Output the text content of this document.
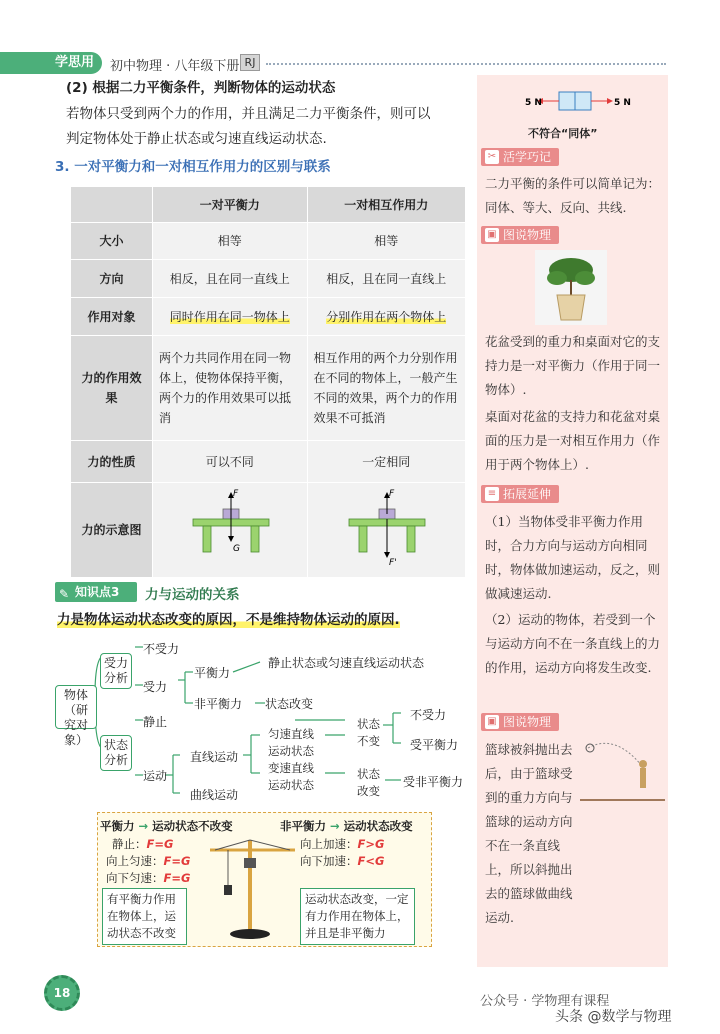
学思用	初中物理 · 八年级下册 RJ
(2) 根据二力平衡条件，判断物体的运动状态
若物体只受到两个力的作用，并且满足二力平衡条件，则可以
判定物体处于静止状态或匀速直线运动状态.
3. 一对平衡力和一对相互作用力的区别与联系
	一对平衡力	一对相互作用力
大小	相等	相等
方向	相反，且在同一直线上	相反，且在同一直线上
作用对象	同时作用在同一物体上	分别作用在两个物体上
力的作用效果	两个力共同作用在同一物体上，使物体保持平衡，两个力的作用效果可以抵消	相互作用的两个力分别作用在不同的物体上，一般产生不同的效果，两个力的作用效果不可抵消
力的性质	可以不同	一定相同
力的示意图	F
G	F
F'
✎ 知识点3	力与运动的关系
力是物体运动状态改变的原因，不是维持物体运动的原因.
物体（研究对象）
受力分析
不受力
受力
平衡力
非平衡力
静止状态或匀速直线运动状态
状态改变
状态分析
静止
运动
直线运动
曲线运动
匀速直线运动状态
变速直线运动状态
状态不变
状态改变
不受力
受平衡力
受非平衡力
平衡力 → 运动状态不改变
静止：F=G
向上匀速：F=G
向下匀速：F=G
有平衡力作用在物体上，运动状态不改变
非平衡力 → 运动状态改变
向上加速：F>G
向下加速：F<G
运动状态改变，一定有力作用在物体上，并且是非平衡力
5 N	5 N
不符合“同体”
✂ 活学巧记
二力平衡的条件可以简单记为：同体、等大、反向、共线.
▣ 图说物理
花盆受到的重力和桌面对它的支持力是一对平衡力（作用于同一物体）.
桌面对花盆的支持力和花盆对桌面的压力是一对相互作用力（作用于两个物体上）.
≡ 拓展延伸
（1）当物体受非平衡力作用时，合力方向与运动方向相同时，物体做加速运动，反之，则做减速运动.
（2）运动的物体，若受到一个与运动方向不在一条直线上的力的作用，运动方向将发生改变.
▣ 图说物理
篮球被斜抛出去后，由于篮球受到的重力方向与篮球的运动方向不在一条直线上，所以斜抛出去的篮球做曲线运动.
18
公众号 · 学物理有课程
头条 @数学与物理
